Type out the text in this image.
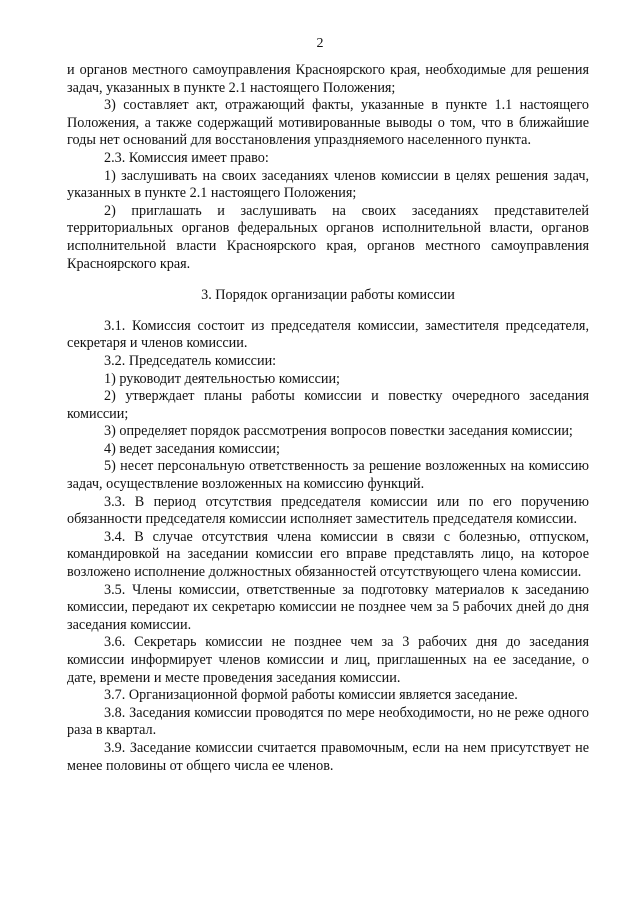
2

и органов местного самоуправления Красноярского края, необходимые для решения задач, указанных в пункте 2.1 настоящего Положения;

3) составляет акт, отражающий факты, указанные в пункте 1.1 настоящего Положения, а также содержащий мотивированные выводы о том, что в ближайшие годы нет оснований для восстановления упраздняемого населенного пункта.

2.3. Комиссия имеет право:

1) заслушивать на своих заседаниях членов комиссии в целях решения задач, указанных в пункте 2.1 настоящего Положения;

2) приглашать и заслушивать на своих заседаниях представителей территориальных органов федеральных органов исполнительной власти, органов исполнительной власти Красноярского края, органов местного самоуправления Красноярского края.

3. Порядок организации работы комиссии

3.1. Комиссия состоит из председателя комиссии, заместителя председателя, секретаря и членов комиссии.

3.2. Председатель комиссии:

1) руководит деятельностью комиссии;

2) утверждает планы работы комиссии и повестку очередного заседания комиссии;

3) определяет порядок рассмотрения вопросов повестки заседания комиссии;

4) ведет заседания комиссии;

5) несет персональную ответственность за решение возложенных на комиссию задач, осуществление возложенных на комиссию функций.

3.3. В период отсутствия председателя комиссии или по его поручению обязанности председателя комиссии исполняет заместитель председателя комиссии.

3.4. В случае отсутствия члена комиссии в связи с болезнью, отпуском, командировкой на заседании комиссии его вправе представлять лицо, на которое возложено исполнение должностных обязанностей отсутствующего члена комиссии.

3.5. Члены комиссии, ответственные за подготовку материалов к заседанию комиссии, передают их секретарю комиссии не позднее чем за 5 рабочих дней до дня заседания комиссии.

3.6. Секретарь комиссии не позднее чем за 3 рабочих дня до заседания комиссии информирует членов комиссии и лиц, приглашенных на ее заседание, о дате, времени и месте проведения заседания комиссии.

3.7. Организационной формой работы комиссии является заседание.

3.8. Заседания комиссии проводятся по мере необходимости, но не реже одного раза в квартал.

3.9. Заседание комиссии считается правомочным, если на нем присутствует не менее половины от общего числа ее членов.
